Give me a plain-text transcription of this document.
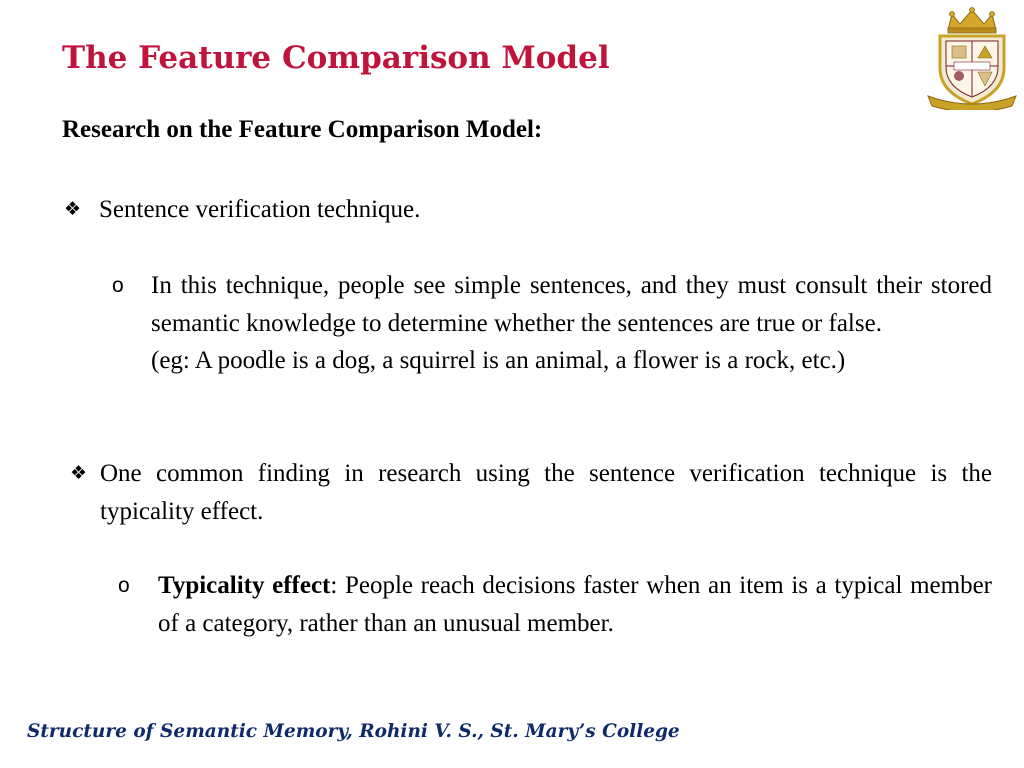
The Feature Comparison Model
Research on the Feature Comparison Model:
❖ Sentence verification technique.
o In this technique, people see simple sentences, and they must consult their stored semantic knowledge to determine whether the sentences are true or false.
(eg: A poodle is a dog, a squirrel is an animal, a flower is a rock, etc.)
❖ One common finding in research using the sentence verification technique is the typicality effect.
o Typicality effect: People reach decisions faster when an item is a typical member of a category, rather than an unusual member.
Structure of Semantic Memory, Rohini V. S., St. Mary’s College
